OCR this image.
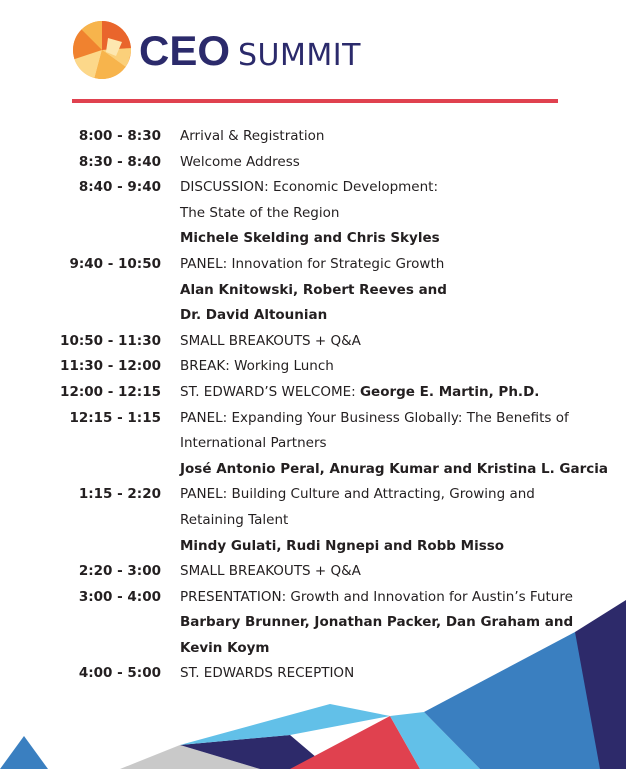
CEO SUMMIT
8:00 - 8:30 Arrival & Registration
8:30 - 8:40 Welcome Address
8:40 - 9:40 DISCUSSION: Economic Development:
The State of the Region
Michele Skelding and Chris Skyles
9:40 - 10:50 PANEL: Innovation for Strategic Growth
Alan Knitowski, Robert Reeves and
Dr. David Altounian
10:50 - 11:30 SMALL BREAKOUTS + Q&A
11:30 - 12:00 BREAK: Working Lunch
12:00 - 12:15 ST. EDWARD’S WELCOME: George E. Martin, Ph.D.
12:15 - 1:15 PANEL: Expanding Your Business Globally: The Benefits of
International Partners
José Antonio Peral, Anurag Kumar and Kristina L. Garcia
1:15 - 2:20 PANEL: Building Culture and Attracting, Growing and
Retaining Talent
Mindy Gulati, Rudi Ngnepi and Robb Misso
2:20 - 3:00 SMALL BREAKOUTS + Q&A
3:00 - 4:00 PRESENTATION: Growth and Innovation for Austin’s Future
Barbary Brunner, Jonathan Packer, Dan Graham and
Kevin Koym
4:00 - 5:00 ST. EDWARDS RECEPTION
